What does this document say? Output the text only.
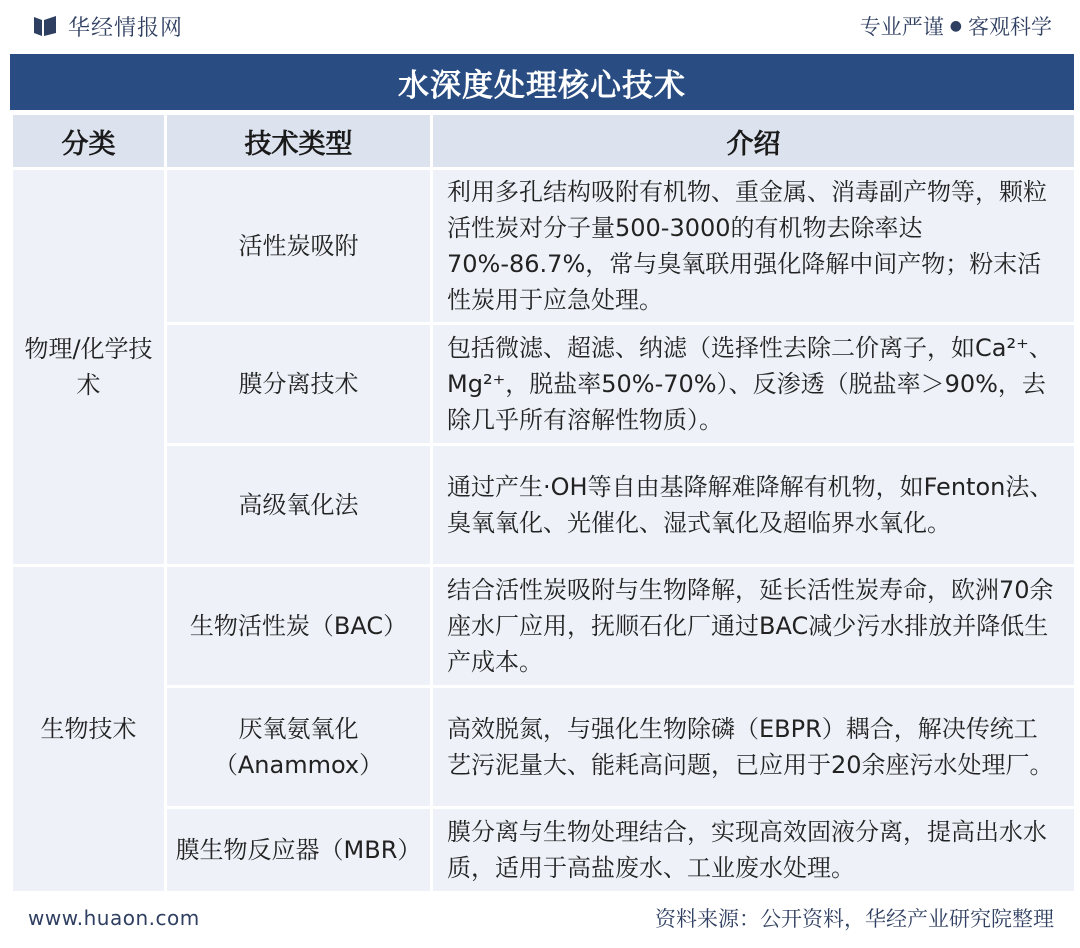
华经情报网	专业严谨 ● 客观科学
水深度处理核心技术
分类	技术类型	介绍
物理/化学技术	活性炭吸附	利用多孔结构吸附有机物、重金属、消毒副产物等，颗粒活性炭对分子量500-3000的有机物去除率达70%-86.7%，常与臭氧联用强化降解中间产物；粉末活性炭用于应急处理。
	膜分离技术	包括微滤、超滤、纳滤（选择性去除二价离子，如Ca²⁺、Mg²⁺，脱盐率50%-70%）、反渗透（脱盐率＞90%，去除几乎所有溶解性物质）。
	高级氧化法	通过产生·OH等自由基降解难降解有机物，如Fenton法、臭氧氧化、光催化、湿式氧化及超临界水氧化。
生物技术	生物活性炭（BAC）	结合活性炭吸附与生物降解，延长活性炭寿命，欧洲70余座水厂应用，抚顺石化厂通过BAC减少污水排放并降低生产成本。
	厌氧氨氧化（Anammox）	高效脱氮，与强化生物除磷（EBPR）耦合，解决传统工艺污泥量大、能耗高问题，已应用于20余座污水处理厂。
	膜生物反应器（MBR）	膜分离与生物处理结合，实现高效固液分离，提高出水水质，适用于高盐废水、工业废水处理。
www.huaon.com	资料来源：公开资料，华经产业研究院整理
